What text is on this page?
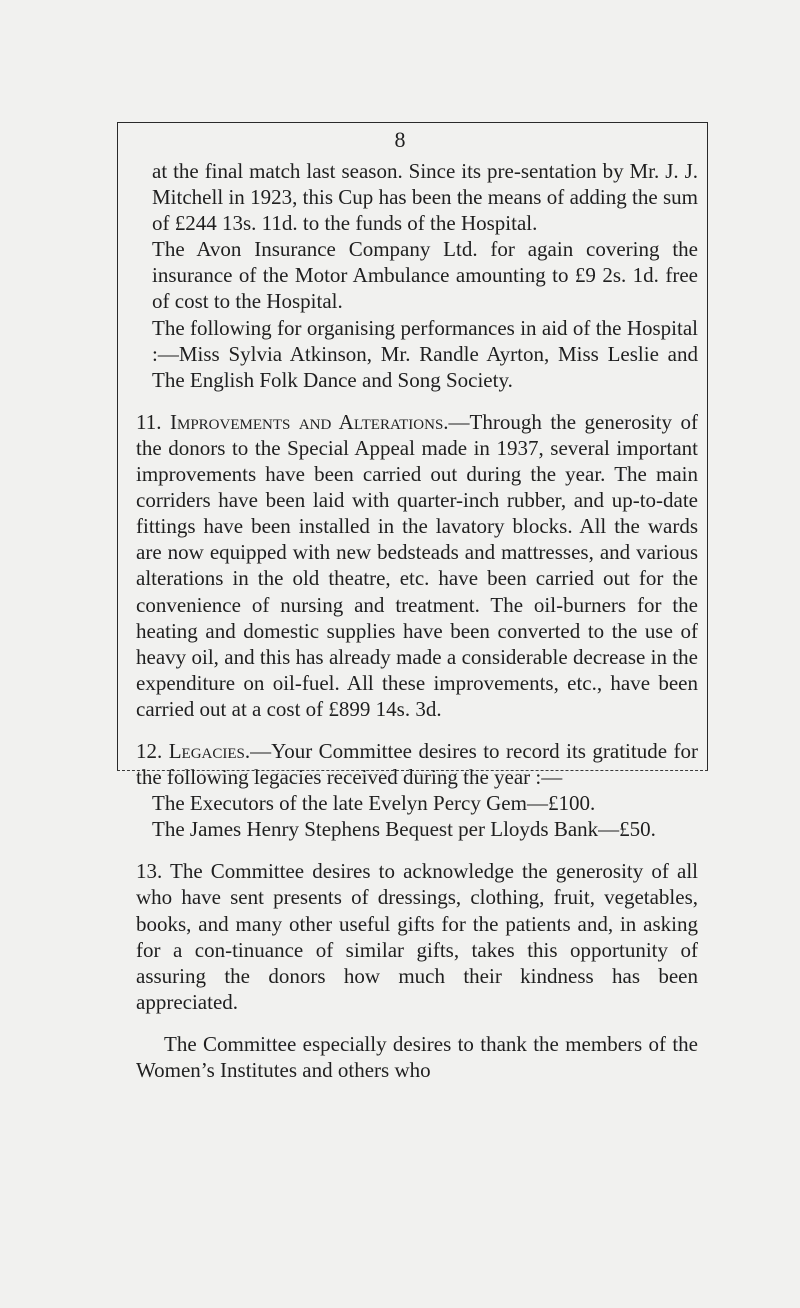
8

at the final match last season. Since its pre-sentation by Mr. J. J. Mitchell in 1923, this Cup has been the means of adding the sum of £244 13s. 11d. to the funds of the Hospital.

The Avon Insurance Company Ltd. for again covering the insurance of the Motor Ambulance amounting to £9 2s. 1d. free of cost to the Hospital.

The following for organising performances in aid of the Hospital :—Miss Sylvia Atkinson, Mr. Randle Ayrton, Miss Leslie and The English Folk Dance and Song Society.

11. Improvements and Alterations.—Through the generosity of the donors to the Special Appeal made in 1937, several important improvements have been carried out during the year. The main corriders have been laid with quarter-inch rubber, and up-to-date fittings have been installed in the lavatory blocks. All the wards are now equipped with new bedsteads and mattresses, and various alterations in the old theatre, etc. have been carried out for the convenience of nursing and treatment. The oil-burners for the heating and domestic supplies have been converted to the use of heavy oil, and this has already made a considerable decrease in the expenditure on oil-fuel. All these improvements, etc., have been carried out at a cost of £899 14s. 3d.

12. Legacies.—Your Committee desires to record its gratitude for the following legacies received during the year :—

The Executors of the late Evelyn Percy Gem—£100.

The James Henry Stephens Bequest per Lloyds Bank—£50.

13. The Committee desires to acknowledge the generosity of all who have sent presents of dressings, clothing, fruit, vegetables, books, and many other useful gifts for the patients and, in asking for a con-tinuance of similar gifts, takes this opportunity of assuring the donors how much their kindness has been appreciated.

The Committee especially desires to thank the members of the Women’s Institutes and others who
